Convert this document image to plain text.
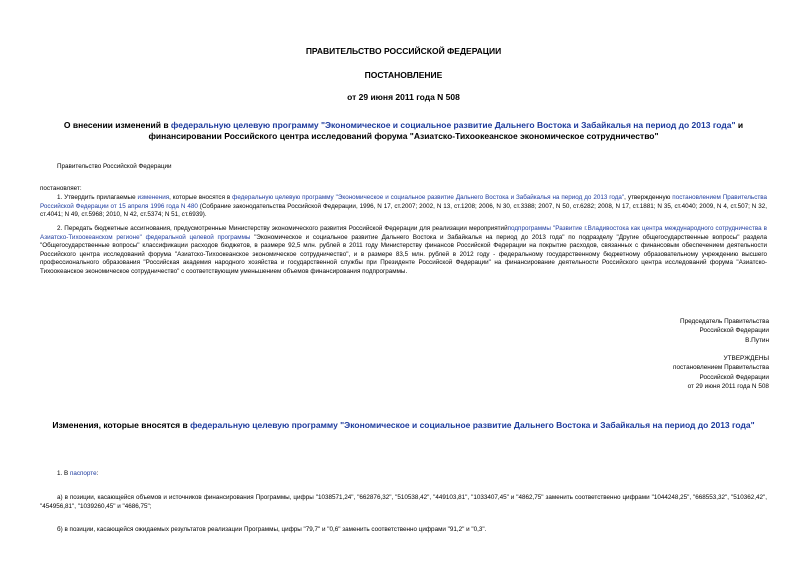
ПРАВИТЕЛЬСТВО РОССИЙСКОЙ ФЕДЕРАЦИИ
ПОСТАНОВЛЕНИЕ
от 29 июня 2011 года N 508
О внесении изменений в федеральную целевую программу "Экономическое и социальное развитие Дальнего Востока и Забайкалья на период до 2013 года" и финансировании Российского центра исследований форума "Азиатско-Тихоокеанское экономическое сотрудничество"
Правительство Российской Федерации
постановляет:
1. Утвердить прилагаемые изменения, которые вносятся в федеральную целевую программу "Экономическое и социальное развитие Дальнего Востока и Забайкалья на период до 2013 года", утвержденную постановлением Правительства Российской Федерации от 15 апреля 1996 года N 480 (Собрание законодательства Российской Федерации, 1996, N 17, ст.2007; 2002, N 13, ст.1208; 2006, N 30, ст.3388; 2007, N 50, ст.6282; 2008, N 17, ст.1881; N 35, ст.4040; 2009, N 4, ст.507; N 32, ст.4041; N 49, ст.5968; 2010, N 42, ст.5374; N 51, ст.6939).
2. Передать бюджетные ассигнования, предусмотренные Министерству экономического развития Российской Федерации для реализации мероприятийподпрограммы "Развитие г.Владивостока как центра международного сотрудничества в Азиатско-Тихоокеанском регионе" федеральной целевой программы "Экономическое и социальное развитие Дальнего Востока и Забайкалья на период до 2013 года" по подразделу "Другие общегосударственные вопросы" раздела "Общегосударственные вопросы" классификации расходов бюджетов, в размере 92,5 млн. рублей в 2011 году Министерству финансов Российской Федерации на покрытие расходов, связанных с финансовым обеспечением деятельности Российского центра исследований форума "Азиатско-Тихоокеанское экономическое сотрудничество", и в размере 83,5 млн. рублей в 2012 году - федеральному государственному бюджетному образовательному учреждению высшего профессионального образования "Российская академия народного хозяйства и государственной службы при Президенте Российской Федерации" на финансирование деятельности Российского центра исследований форума "Азиатско-Тихоокеанское экономическое сотрудничество" с соответствующим уменьшением объемов финансирования подпрограммы.
Председатель Правительства
Российской Федерации
В.Путин
УТВЕРЖДЕНЫ
постановлением Правительства
Российской Федерации
от 29 июня 2011 года N 508
Изменения, которые вносятся в федеральную целевую программу "Экономическое и социальное развитие Дальнего Востока и Забайкалья на период до 2013 года"
1. В паспорте:
а) в позиции, касающейся объемов и источников финансирования Программы, цифры "1038571,24", "662876,32", "510538,42", "449103,81", "1033407,45" и "4862,75" заменить соответственно цифрами "1044248,25", "668553,32", "510362,42", "454956,81", "1039260,45" и "4686,75";
б) в позиции, касающейся ожидаемых результатов реализации Программы, цифры "79,7" и "0,6" заменить соответственно цифрами "91,2" и "0,3".
